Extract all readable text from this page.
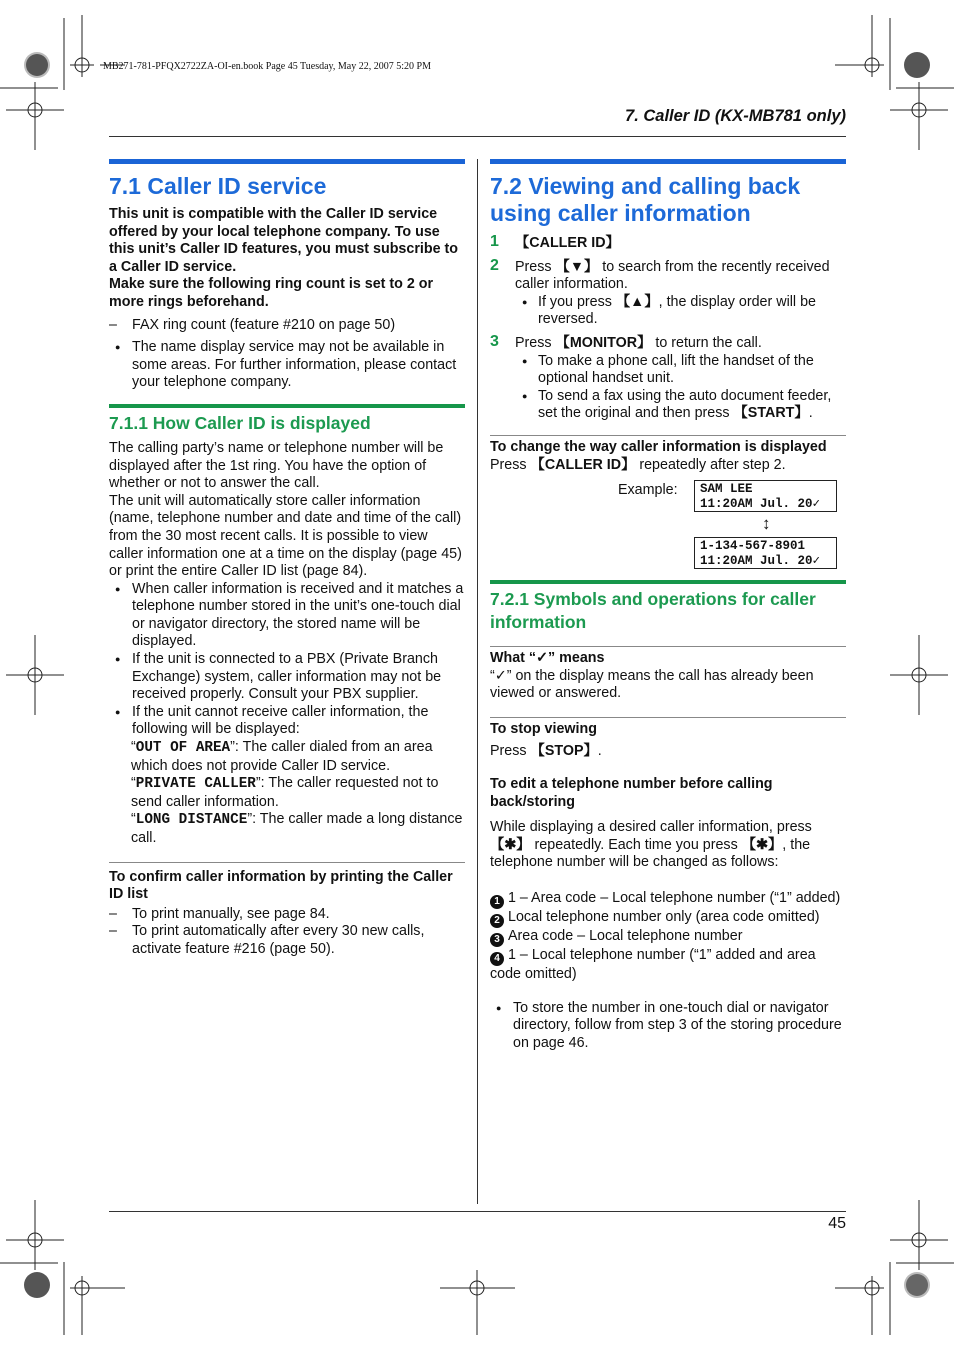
MB271-781-PFQX2722ZA-OI-en.book Page 45 Tuesday, May 22, 2007 5:20 PM
7. Caller ID (KX-MB781 only)
7.1 Caller ID service

This unit is compatible with the Caller ID service offered by your local telephone company. To use this unit’s Caller ID features, you must subscribe to a Caller ID service.

Make sure the following ring count is set to 2 or more rings beforehand.

– FAX ring count (feature #210 on page 50)

● The name display service may not be available in some areas. For further information, please contact your telephone company.

7.1.1 How Caller ID is displayed

The calling party’s name or telephone number will be displayed after the 1st ring. You have the option of whether or not to answer the call.

The unit will automatically store caller information (name, telephone number and date and time of the call) from the 30 most recent calls. It is possible to view caller information one at a time on the display (page 45) or print the entire Caller ID list (page 84).

● When caller information is received and it matches a telephone number stored in the unit’s one-touch dial or navigator directory, the stored name will be displayed.

● If the unit is connected to a PBX (Private Branch Exchange) system, caller information may not be received properly. Consult your PBX supplier.

● If the unit cannot receive caller information, the following will be displayed:

“OUT OF AREA”: The caller dialed from an area which does not provide Caller ID service.

“PRIVATE CALLER”: The caller requested not to send caller information.

“LONG DISTANCE”: The caller made a long distance call.

To confirm caller information by printing the Caller ID list

– To print manually, see page 84.

– To print automatically after every 30 new calls, activate feature #216 (page 50).

7.2 Viewing and calling back using caller information
1 【CALLER ID】
2 Press 【▼】 to search from the recently received caller information.

● If you press 【▲】, the display order will be reversed.

3 Press 【MONITOR】 to return the call.

● To make a phone call, lift the handset of the optional handset unit.

● To send a fax using the auto document feeder, set the original and then press 【START】.

To change the way caller information is displayed

Press 【CALLER ID】 repeatedly after step 2.

Example: SAM LEE
11:20AM Jul. 20✓
↕
1-134-567-8901
11:20AM Jul. 20✓
7.2.1 Symbols and operations for caller information

What “✓” means

“✓” on the display means the call has already been viewed or answered.

To stop viewing

Press 【STOP】.

To edit a telephone number before calling back/storing

While displaying a desired caller information, press 【✱】 repeatedly. Each time you press 【✱】, the telephone number will be changed as follows:

1 1 – Area code – Local telephone number (“1” added)

2 Local telephone number only (area code omitted)

3 Area code – Local telephone number

4 1 – Local telephone number (“1” added and area code omitted)

● To store the number in one-touch dial or navigator directory, follow from step 3 of the storing procedure on page 46.

45
